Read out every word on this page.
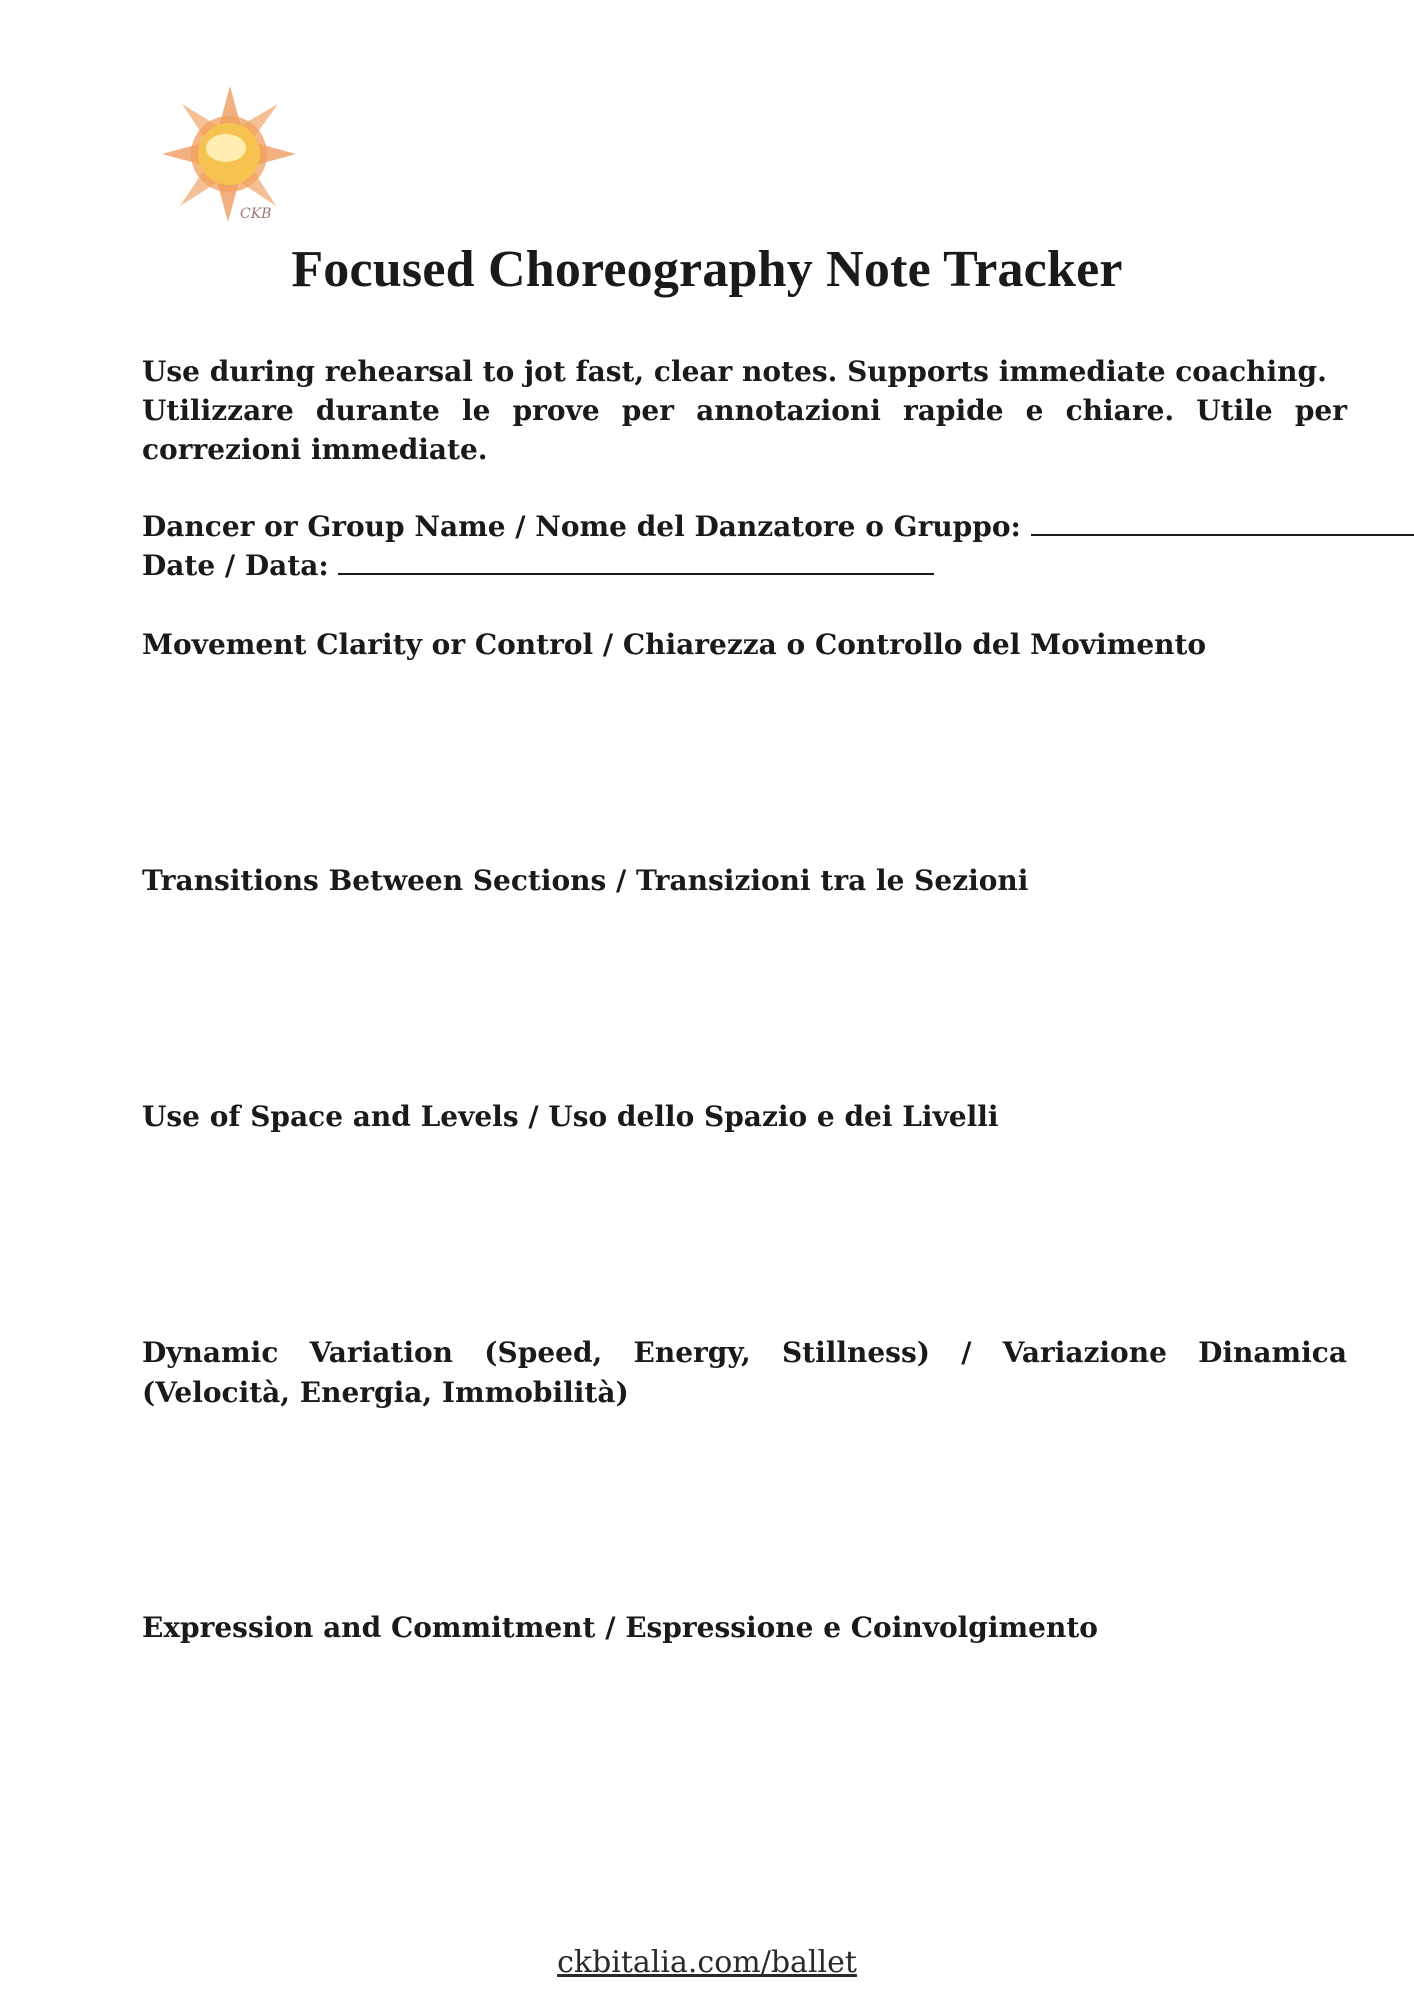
CKB
Focused Choreography Note Tracker

Use during rehearsal to jot fast, clear notes. Supports immediate coaching.

Utilizzare durante le prove per annotazioni rapide e chiare. Utile per correzioni immediate.

Dancer or Group Name / Nome del Danzatore o Gruppo:

Date / Data:

Movement Clarity or Control / Chiarezza o Controllo del Movimento

Transitions Between Sections / Transizioni tra le Sezioni

Use of Space and Levels / Uso dello Spazio e dei Livelli

Dynamic Variation (Speed, Energy, Stillness) / Variazione Dinamica (Velocità, Energia, Immobilità)

Expression and Commitment / Espressione e Coinvolgimento

ckbitalia.com/ballet
